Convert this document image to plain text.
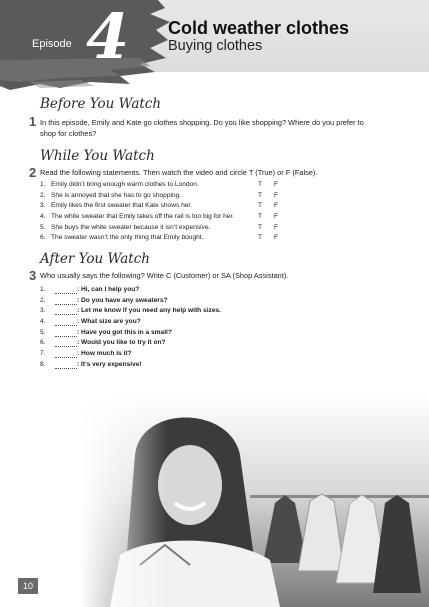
Episode 4 Cold weather clothes
Buying clothes
Before You Watch
1 In this episode, Emily and Kate go clothes shopping. Do you like shopping? Where do you prefer to shop for clothes?
While You Watch
2 Read the following statements. Then watch the video and circle T (True) or F (False).
1. Emily didn’t bring enough warm clothes to London.	T F
2. She is annoyed that she has to go shopping.	T F
3. Emily likes the first sweater that Kate shows her.	T F
4. The white sweater that Emily takes off the rail is too big for her.	T F
5. She buys the white sweater because it isn’t expensive.	T F
6. The sweater wasn’t the only thing that Emily bought.	T F
After You Watch
3 Who usually says the following? Write C (Customer) or SA (Shop Assistant).
1.	: Hi, can I help you?
2.	: Do you have any sweaters?
3.	: Let me know if you need any help with sizes.
4.	: What size are you?
5.	: Have you got this in a small?
6.	: Would you like to try it on?
7.	: How much is it?
8.	: It’s very expensive!
10
